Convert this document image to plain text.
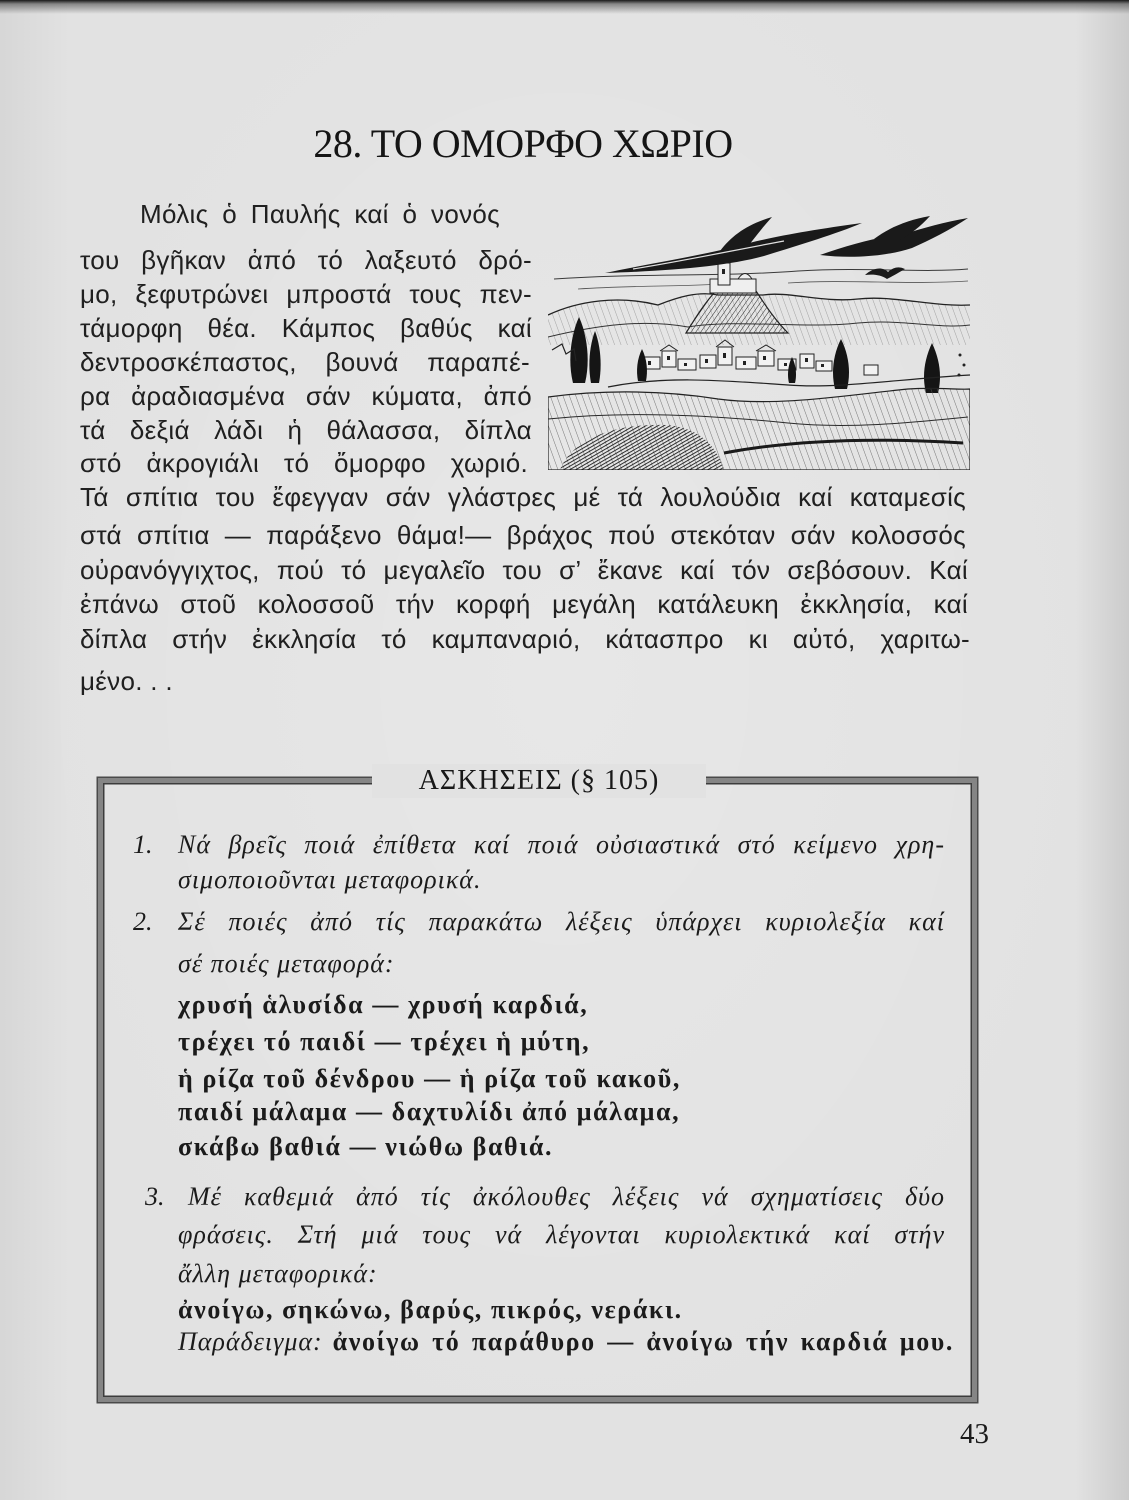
28. ΤΟ ΟΜΟΡΦΟ ΧΩΡΙΟ
Μόλις ὁ Παυλής καί ὁ νονός
του βγῆκαν ἀπό τό λαξευτό δρό-
μο, ξεφυτρώνει μπροστά τους πεν-
τάμορφη θέα. Κάμπος βαθύς καί
δεντροσκέπαστος, βουνά παραπέ-
ρα ἀραδιασμένα σάν κύματα, ἀπό
τά δεξιά λάδι ἡ θάλασσα, δίπλα
στό ἀκρογιάλι τό ὄμορφο χωριό.
Τά σπίτια του ἔφεγγαν σάν γλάστρες μέ τά λουλούδια καί καταμεσίς
στά σπίτια — παράξενο θάμα!— βράχος πού στεκόταν σάν κολοσσός
οὐρανόγγιχτος, πού τό μεγαλεῖο του σ’ ἔκανε καί τόν σεβόσουν. Καί
ἐπάνω στοῦ κολοσσοῦ τήν κορφή μεγάλη κατάλευκη ἐκκλησία, καί
δίπλα στήν ἐκκλησία τό καμπαναριό, κάτασπρο κι αὐτό, χαριτω-
μένο. . .
ΑΣΚΗΣΕΙΣ (§ 105)
1. Νά βρεῖς ποιά ἐπίθετα καί ποιά οὐσιαστικά στό κείμενο χρη-
σιμοποιοῦνται μεταφορικά.
2. Σέ ποιές ἀπό τίς παρακάτω λέξεις ὑπάρχει κυριολεξία καί
σέ ποιές μεταφορά:
χρυσή ἁλυσίδα — χρυσή καρδιά,
τρέχει τό παιδί — τρέχει ἡ μύτη,
ἡ ρίζα τοῦ δένδρου — ἡ ρίζα τοῦ κακοῦ,
παιδί μάλαμα — δαχτυλίδι ἀπό μάλαμα,
σκάβω βαθιά — νιώθω βαθιά.
3. Μέ καθεμιά ἀπό τίς ἀκόλουθες λέξεις νά σχηματίσεις δύο
φράσεις. Στή μιά τους νά λέγονται κυριολεκτικά καί στήν
ἄλλη μεταφορικά:
ἀνοίγω, σηκώνω, βαρύς, πικρός, νεράκι.
Παράδειγμα: ἀνοίγω τό παράθυρο — ἀνοίγω τήν καρδιά μου.
43
